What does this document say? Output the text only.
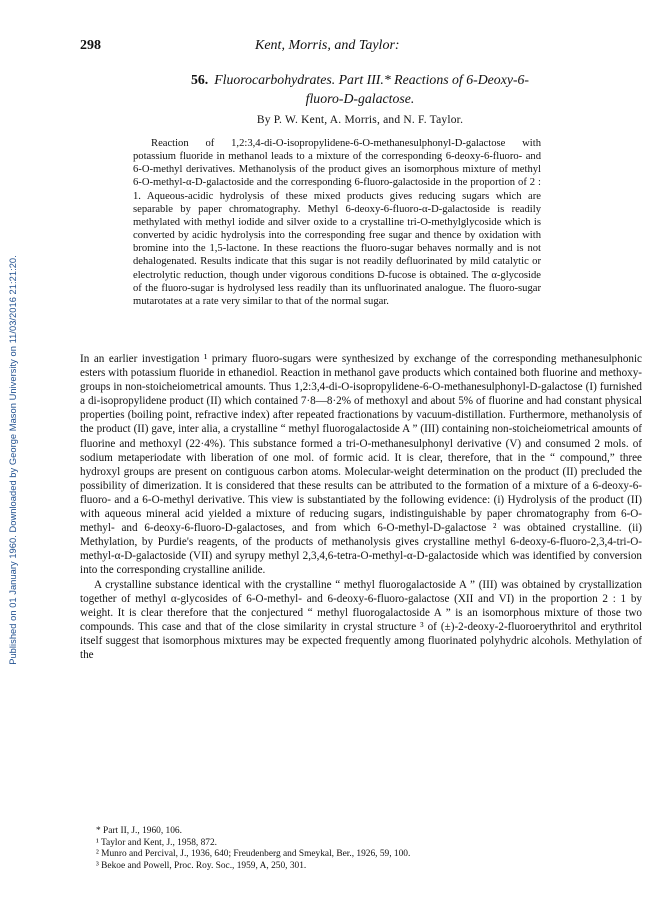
Published on 01 January 1960. Downloaded by George Mason University on 11/03/2016 21:21:20.
298	Kent, Morris, and Taylor:
56. Fluorocarbohydrates. Part III.* Reactions of 6-Deoxy-6-
fluoro-D-galactose.
By P. W. Kent, A. Morris, and N. F. Taylor.

Reaction of 1,2:3,4-di-O-isopropylidene-6-O-methanesulphonyl-D-galactose with potassium fluoride in methanol leads to a mixture of the corresponding 6-deoxy-6-fluoro- and 6-O-methyl derivatives. Methanolysis of the product gives an isomorphous mixture of methyl 6-O-methyl-α-D-galactoside and the corresponding 6-fluoro-galactoside in the proportion of 2 : 1. Aqueous-acidic hydrolysis of these mixed products gives reducing sugars which are separable by paper chromatography. Methyl 6-deoxy-6-fluoro-α-D-galactoside is readily methylated with methyl iodide and silver oxide to a crystalline tri-O-methylglycoside which is converted by acidic hydrolysis into the corresponding free sugar and thence by oxidation with bromine into the 1,5-lactone. In these reactions the fluoro-sugar behaves normally and is not dehalogenated. Results indicate that this sugar is not readily defluorinated by mild catalytic or electrolytic reduction, though under vigorous conditions D-fucose is obtained. The α-glycoside of the fluoro-sugar is hydrolysed less readily than its unfluorinated analogue. The fluoro-sugar mutarotates at a rate very similar to that of the normal sugar.

In an earlier investigation ¹ primary fluoro-sugars were synthesized by exchange of the corresponding methanesulphonic esters with potassium fluoride in ethanediol. Reaction in methanol gave products which contained both fluorine and methoxy-groups in non-stoicheiometrical amounts. Thus 1,2:3,4-di-O-isopropylidene-6-O-methanesulphonyl-D-galactose (I) furnished a di-isopropylidene product (II) which contained 7·8—8·2% of methoxyl and about 5% of fluorine and had constant physical properties (boiling point, refractive index) after repeated fractionations by vacuum-distillation. Furthermore, methanolysis of the product (II) gave, inter alia, a crystalline “ methyl fluorogalactoside A ” (III) containing non-stoicheiometrical amounts of fluorine and methoxyl (22·4%). This substance formed a tri-O-methanesulphonyl derivative (V) and consumed 2 mols. of sodium metaperiodate with liberation of one mol. of formic acid. It is clear, therefore, that in the “ compound,” three hydroxyl groups are present on contiguous carbon atoms. Molecular-weight determination on the product (II) precluded the possibility of dimerization. It is considered that these results can be attributed to the formation of a mixture of a 6-deoxy-6-fluoro- and a 6-O-methyl derivative. This view is substantiated by the following evidence: (i) Hydrolysis of the product (II) with aqueous mineral acid yielded a mixture of reducing sugars, indistinguishable by paper chromatography from 6-O-methyl- and 6-deoxy-6-fluoro-D-galactoses, and from which 6-O-methyl-D-galactose ² was obtained crystalline. (ii) Methylation, by Purdie's reagents, of the products of methanolysis gives crystalline methyl 6-deoxy-6-fluoro-2,3,4-tri-O-methyl-α-D-galactoside (VII) and syrupy methyl 2,3,4,6-tetra-O-methyl-α-D-galactoside which was identified by conversion into the corresponding crystalline anilide.

A crystalline substance identical with the crystalline “ methyl fluorogalactoside A ” (III) was obtained by crystallization together of methyl α-glycosides of 6-O-methyl- and 6-deoxy-6-fluoro-galactose (XII and VI) in the proportion 2 : 1 by weight. It is clear therefore that the conjectured “ methyl fluorogalactoside A ” is an isomorphous mixture of those two compounds. This case and that of the close similarity in crystal structure ³ of (±)-2-deoxy-2-fluoroerythritol and erythritol itself suggest that isomorphous mixtures may be expected frequently among fluorinated polyhydric alcohols. Methylation of the

* Part II, J., 1960, 106.
¹ Taylor and Kent, J., 1958, 872.
² Munro and Percival, J., 1936, 640; Freudenberg and Smeykal, Ber., 1926, 59, 100.
³ Bekoe and Powell, Proc. Roy. Soc., 1959, A, 250, 301.
